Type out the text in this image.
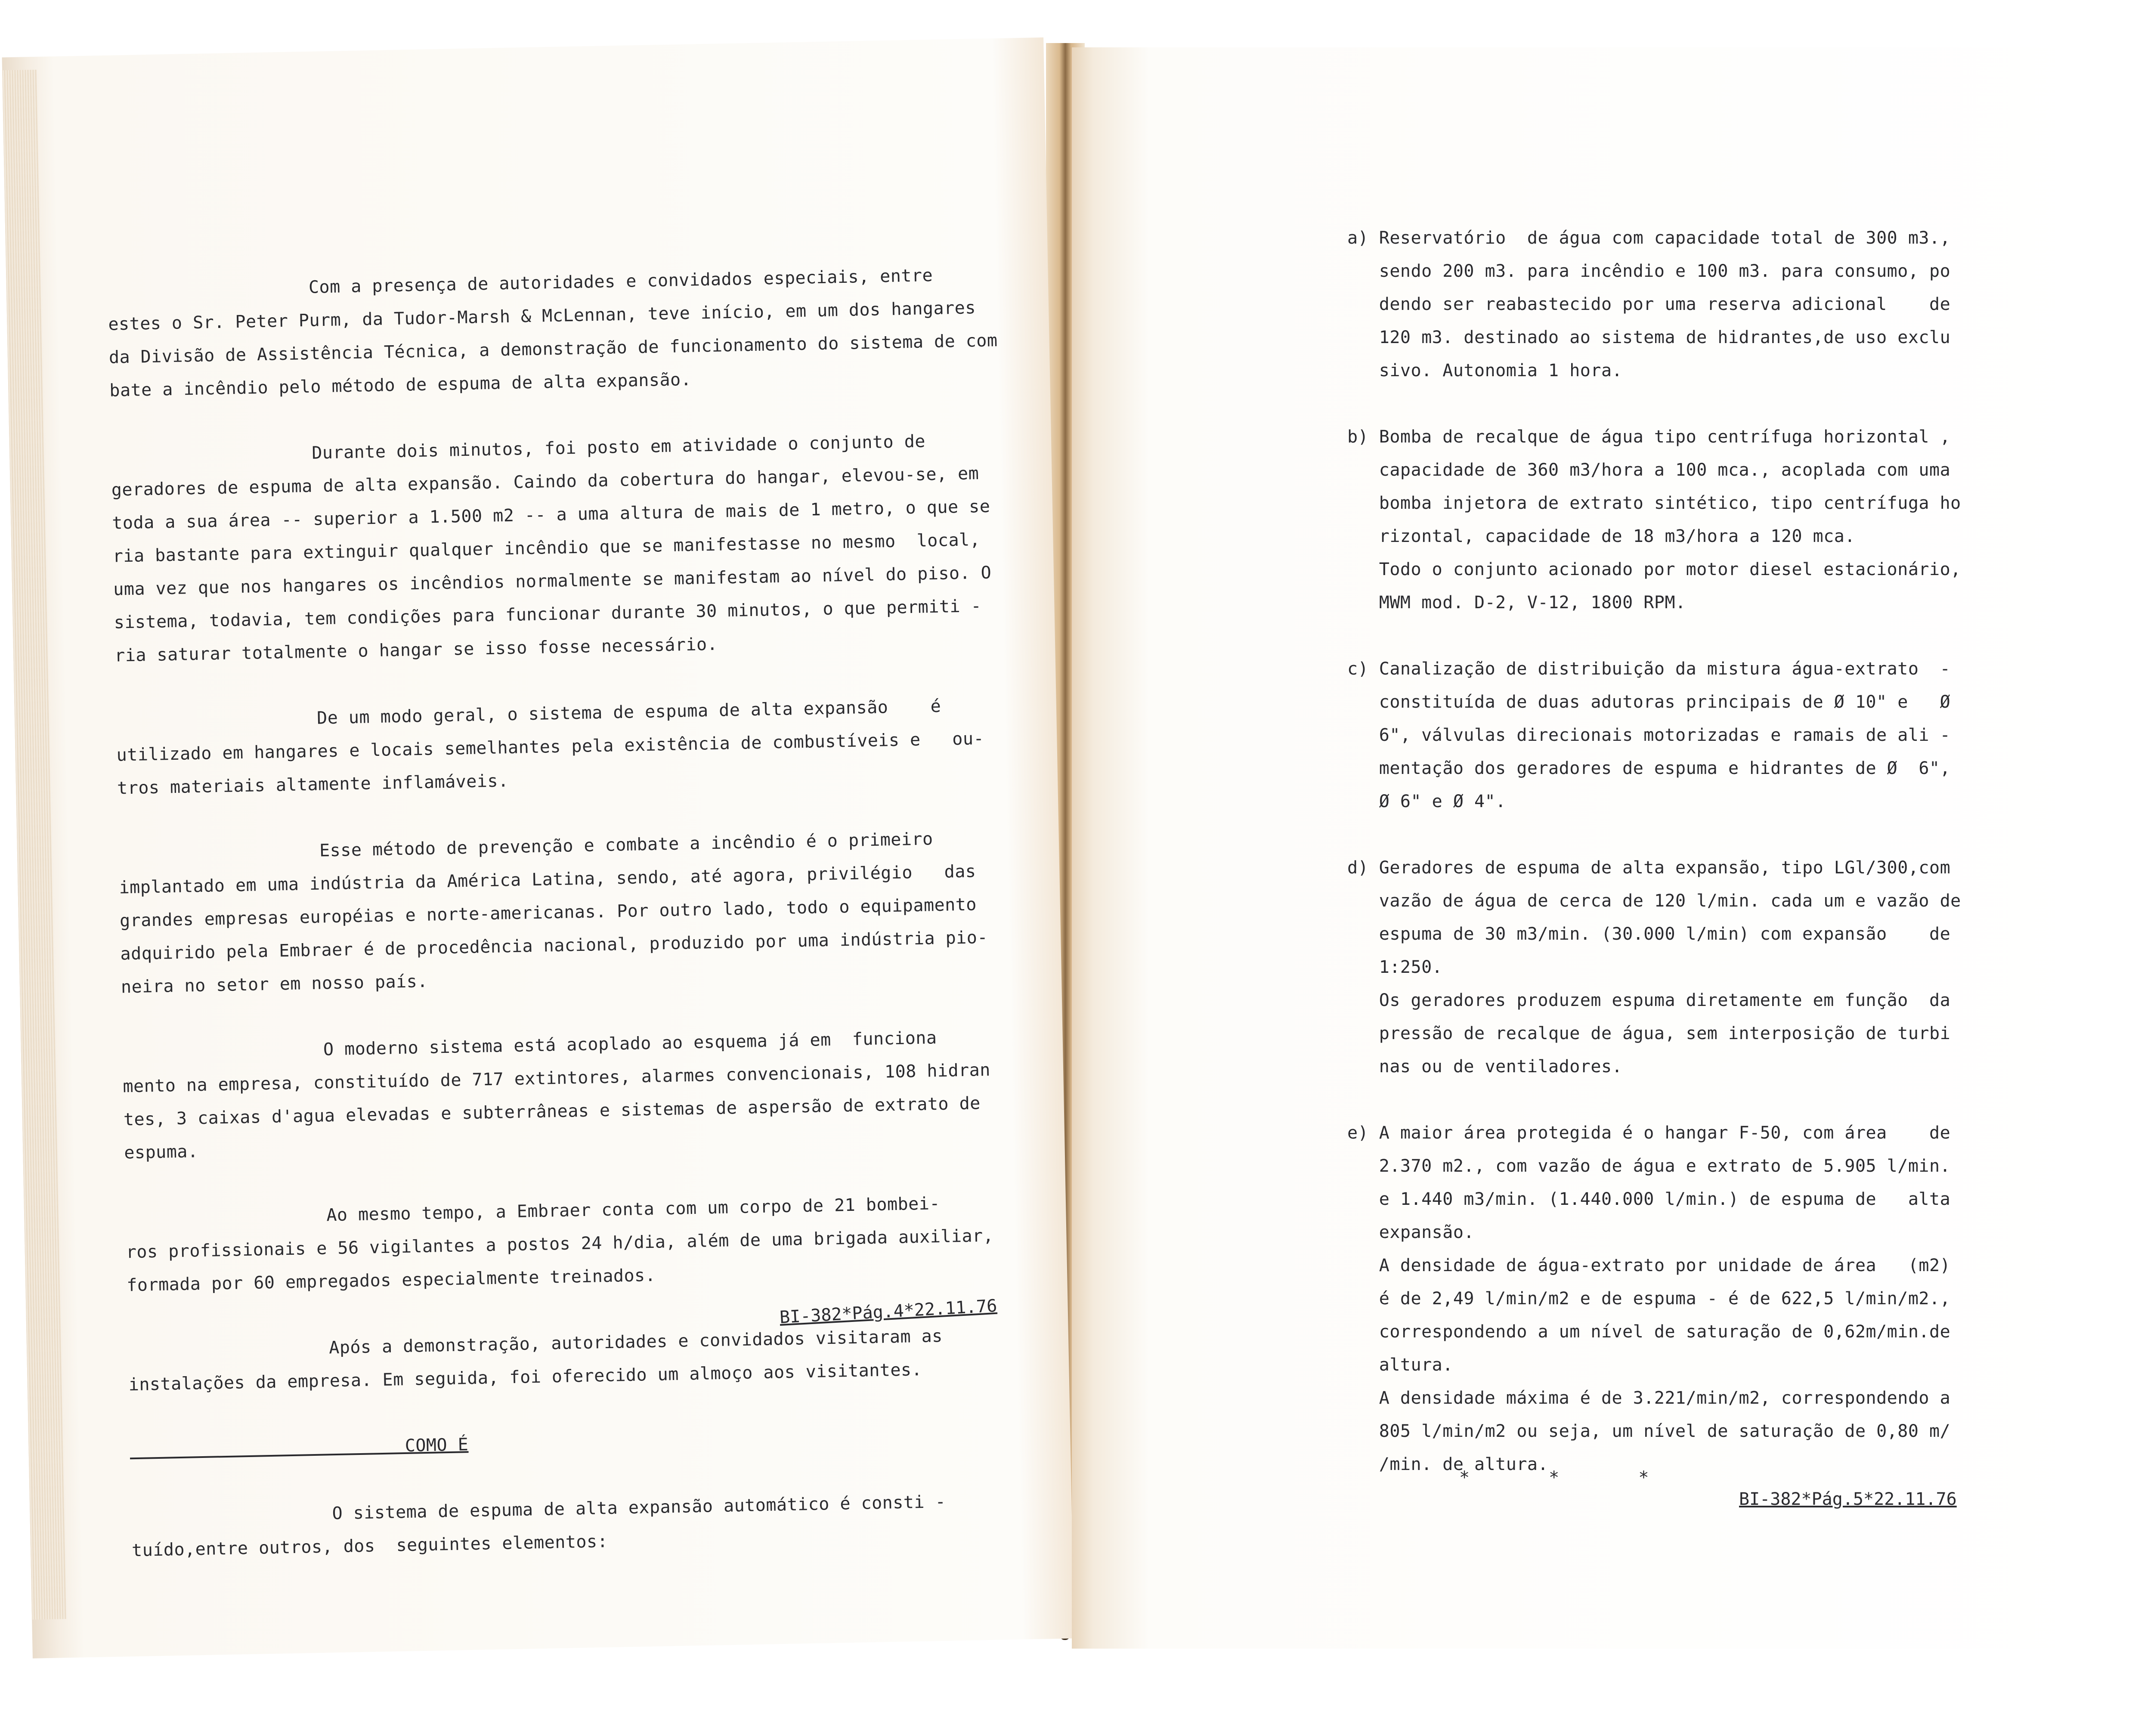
Com a presença de autoridades e convidados especiais, entre
estes o Sr. Peter Purm, da Tudor-Marsh & McLennan, teve início, em um dos hangares
da Divisão de Assistência Técnica, a demonstração de funcionamento do sistema de com
bate a incêndio pelo método de espuma de alta expansão.

Durante dois minutos, foi posto em atividade o conjunto de
geradores de espuma de alta expansão. Caindo da cobertura do hangar, elevou-se, em
toda a sua área -- superior a 1.500 m2 -- a uma altura de mais de 1 metro, o que se
ria bastante para extinguir qualquer incêndio que se manifestasse no mesmo  local,
uma vez que nos hangares os incêndios normalmente se manifestam ao nível do piso. O
sistema, todavia, tem condições para funcionar durante 30 minutos, o que permiti -
ria saturar totalmente o hangar se isso fosse necessário.

De um modo geral, o sistema de espuma de alta expansão    é
utilizado em hangares e locais semelhantes pela existência de combustíveis e   ou-
tros materiais altamente inflamáveis.

Esse método de prevenção e combate a incêndio é o primeiro
implantado em uma indústria da América Latina, sendo, até agora, privilégio   das
grandes empresas européias e norte-americanas. Por outro lado, todo o equipamento
adquirido pela Embraer é de procedência nacional, produzido por uma indústria pio-
neira no setor em nosso país.

O moderno sistema está acoplado ao esquema já em  funciona
mento na empresa, constituído de 717 extintores, alarmes convencionais, 108 hidran
tes, 3 caixas d'agua elevadas e subterrâneas e sistemas de aspersão de extrato de
espuma.

Ao mesmo tempo, a Embraer conta com um corpo de 21 bombei-
ros profissionais e 56 vigilantes a postos 24 h/dia, além de uma brigada auxiliar,
formada por 60 empregados especialmente treinados.

Após a demonstração, autoridades e convidados visitaram as
instalações da empresa. Em seguida, foi oferecido um almoço aos visitantes.

COMO É

O sistema de espuma de alta expansão automático é consti -
tuído,entre outros, dos  seguintes elementos:
BI-382*Pág.4*22.11.76
a) Reservatório  de água com capacidade total de 300 m3.,
sendo 200 m3. para incêndio e 100 m3. para consumo, po
dendo ser reabastecido por uma reserva adicional    de
120 m3. destinado ao sistema de hidrantes,de uso exclu
sivo. Autonomia 1 hora.

b) Bomba de recalque de água tipo centrífuga horizontal ,
capacidade de 360 m3/hora a 100 mca., acoplada com uma
bomba injetora de extrato sintético, tipo centrífuga ho
rizontal, capacidade de 18 m3/hora a 120 mca.
Todo o conjunto acionado por motor diesel estacionário,
MWM mod. D-2, V-12, 1800 RPM.

c) Canalização de distribuição da mistura água-extrato  -
constituída de duas adutoras principais de Ø 10" e   Ø
6", válvulas direcionais motorizadas e ramais de ali -
mentação dos geradores de espuma e hidrantes de Ø  6",
Ø 6" e Ø 4".

d) Geradores de espuma de alta expansão, tipo LGl/300,com
vazão de água de cerca de 120 l/min. cada um e vazão de
espuma de 30 m3/min. (30.000 l/min) com expansão    de
1:250.
Os geradores produzem espuma diretamente em função  da
pressão de recalque de água, sem interposição de turbi
nas ou de ventiladores.

e) A maior área protegida é o hangar F-50, com área    de
2.370 m2., com vazão de água e extrato de 5.905 l/min.
e 1.440 m3/min. (1.440.000 l/min.) de espuma de   alta
expansão.
A densidade de água-extrato por unidade de área   (m2)
é de 2,49 l/min/m2 e de espuma - é de 622,5 l/min/m2.,
correspondendo a um nível de saturação de 0,62m/min.de
altura.
A densidade máxima é de 3.221/min/m2, correspondendo a
805 l/min/m2 ou seja, um nível de saturação de 0,80 m/
/min. de altura.
* * *
BI-382*Pág.5*22.11.76
